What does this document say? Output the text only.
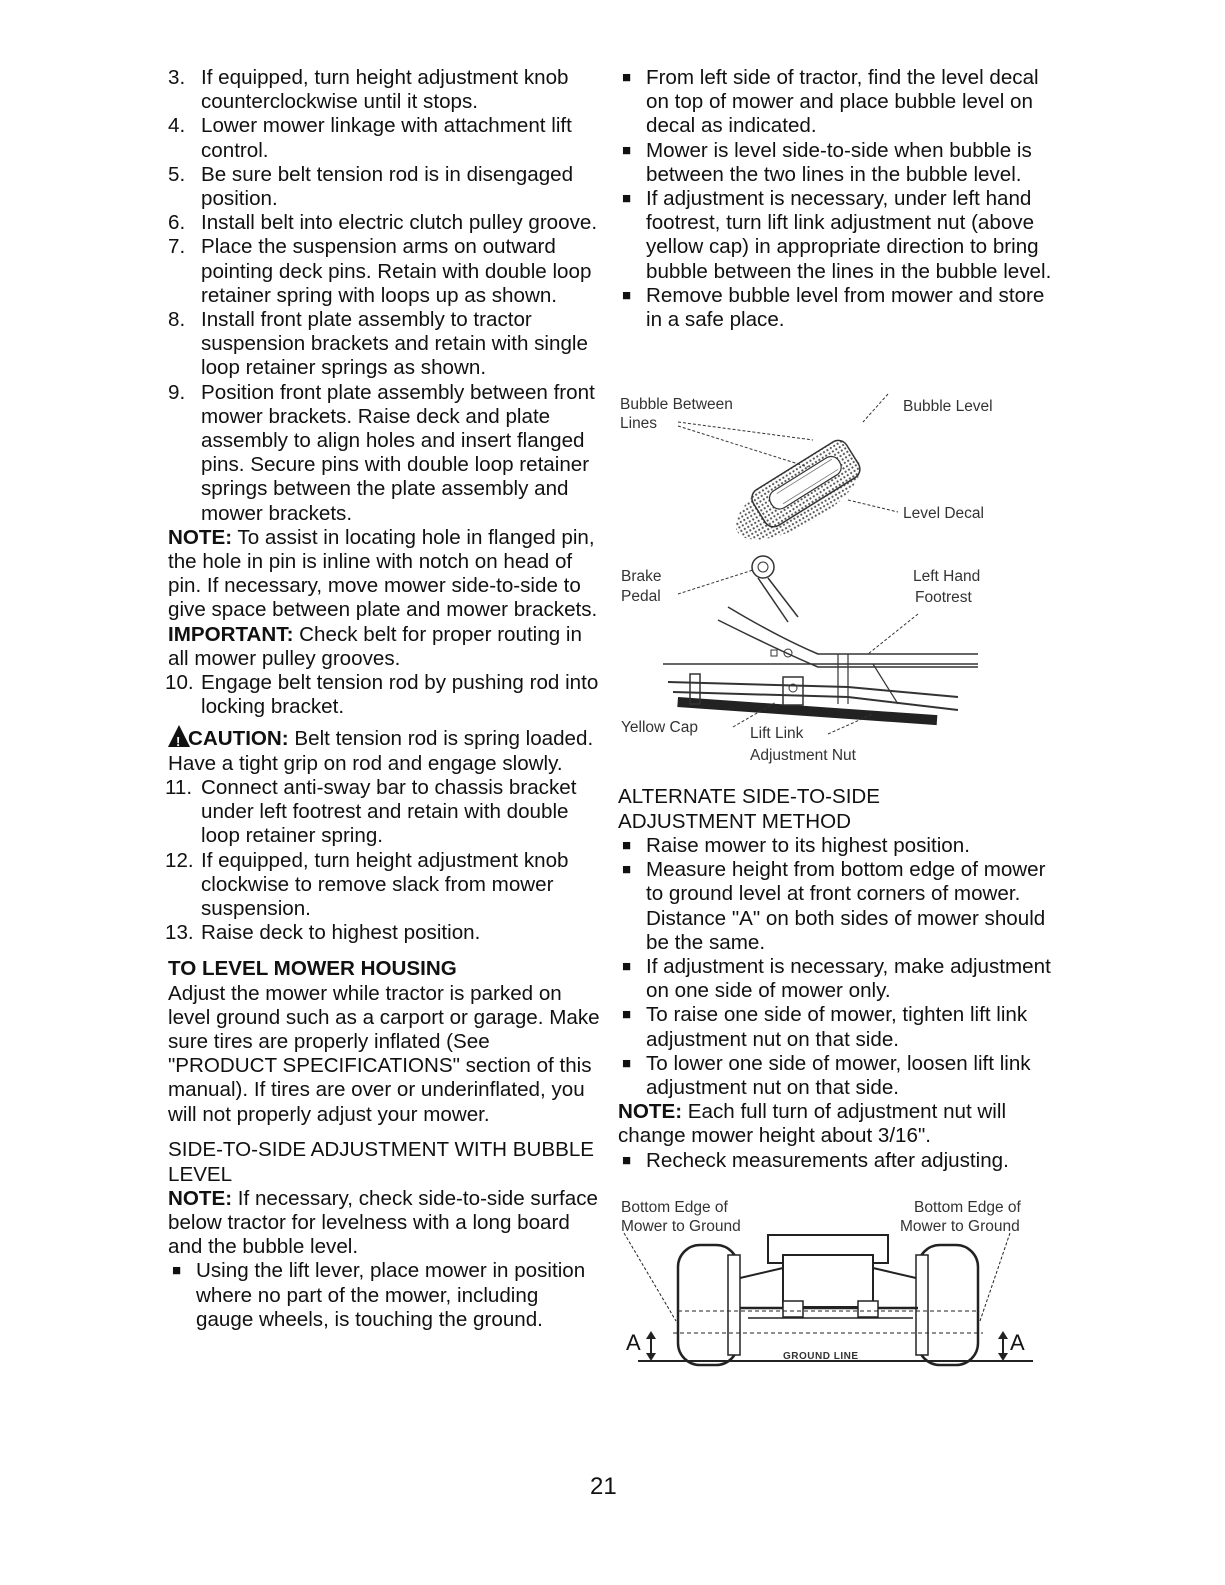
3. If equipped, turn height adjustment knob counterclockwise until it stops.
4. Lower mower linkage with attachment lift control.
5. Be sure belt tension rod is in disengaged position.
6. Install belt into electric clutch pulley groove.
7. Place the suspension arms on outward pointing deck pins. Retain with double loop retainer spring with loops up as shown.
8. Install front plate assembly to tractor suspension brackets and retain with single loop retainer springs as shown.
9. Position front plate assembly between front mower brackets. Raise deck and plate assembly to align holes and insert flanged pins. Secure pins with double loop retainer springs between the plate assembly and mower brackets.

NOTE: To assist in locating hole in flanged pin, the hole in pin is inline with notch on head of pin. If necessary, move mower side-to-side to give space between plate and mower brackets.

IMPORTANT: Check belt for proper routing in all mower pulley grooves.

10. Engage belt tension rod by pushing rod into locking bracket.

!CAUTION: Belt tension rod is spring loaded. Have a tight grip on rod and engage slowly.

11. Connect anti-sway bar to chassis bracket under left footrest and retain with double loop retainer spring.
12. If equipped, turn height adjustment knob clockwise to remove slack from mower suspension.
13. Raise deck to highest position.
TO LEVEL MOWER HOUSING

Adjust the mower while tractor is parked on level ground such as a carport or garage. Make sure tires are properly inflated (See "PRODUCT SPECIFICATIONS" section of this manual). If tires are over or underinflated, you will not properly adjust your mower.

SIDE-TO-SIDE ADJUSTMENT WITH BUBBLE LEVEL

NOTE: If necessary, check side-to-side surface below tractor for levelness with a long board and the bubble level.

■ Using the lift lever, place mower in position where no part of the mower, including gauge wheels, is touching the ground.
■ From left side of tractor, find the level decal on top of mower and place bubble level on decal as indicated.
■ Mower is level side-to-side when bubble is between the two lines in the bubble level.
■ If adjustment is necessary, under left hand footrest, turn lift link adjustment nut (above yellow cap) in appropriate direction to bring bubble between the lines in the bubble level.
■ Remove bubble level from mower and store in a safe place.
Bubble Between
Lines
Bubble Level
Level Decal
Brake
Pedal
Left Hand
Footrest
Yellow Cap	Lift Link
Adjustment Nut
ALTERNATE SIDE-TO-SIDE
ADJUSTMENT METHOD
■ Raise mower to its highest position.
■ Measure height from bottom edge of mower to ground level at front corners of mower. Distance "A" on both sides of mower should be the same.
■ If adjustment is necessary, make adjustment on one side of mower only.
■ To raise one side of mower, tighten lift link adjustment nut on that side.
■ To lower one side of mower, loosen lift link adjustment nut on that side.

NOTE: Each full turn of adjustment nut will change mower height about 3/16".

■ Recheck measurements after adjusting.
Bottom Edge of
Mower to Ground
Bottom Edge of
Mower to Ground
A	A
GROUND LINE
21
